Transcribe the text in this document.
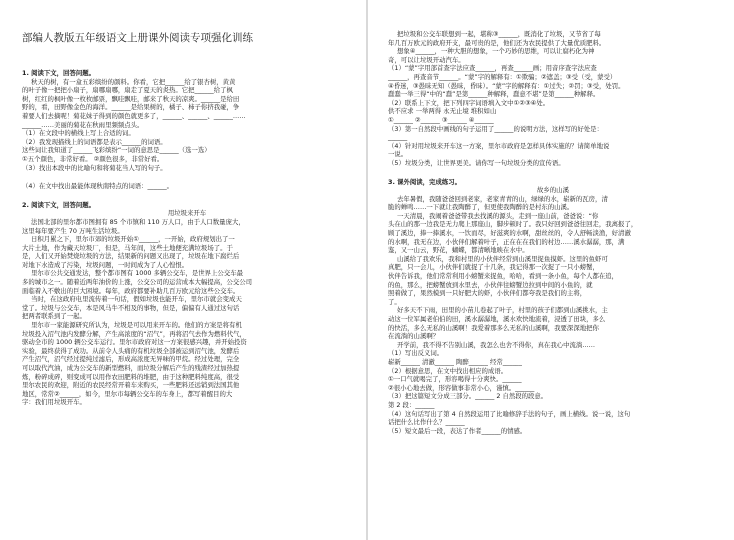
部编人教版五年级语文上册课外阅读专项强化训练

1. 阅读下文，回答问题。

秋天的树，有一盒五彩缤纷的颜料。你看，它把______给了银杏树，黄黄

的叶子像一把把小扇子，扇哪扇哪，扇走了夏天的炎热。它把______给了枫

树，红红的枫叶像一枚枚邮票，飘哇飘哇，邮来了秋天的凉爽。______是给田

野的，看，田野像金色的海洋。______是给果树的，橘子、柿子你挤我碰，争

着要人们去摘呢！菊花妹子得到的颜色就更多了，______、______、______……

______……美丽的菊花在秋雨里频频点头。

（1）在文段中的横线上写上合适的词。

（2）我发现描线上的词语都是表示______的词语。

这些词让我知道了______飞彩缤纷“一词的意思是______（选一选）

①五个颜色，非常好看。 ②颜色很多，非常好看。

（3）找出本段中的比喻句和将菊花当人写的句子。

（4）在文中找出最能体现秋南特点的词语：______。

2. 阅读下文，回答问题。

用垃圾来开车

法国北部的里尔都市图拥有 85 个市镇和 110 万人口，由于人口数量庞大，

这里每年要产生 70 万吨生活垃圾。

日积月累之下，里尔市郊的垃圾开始①______，一开始，政府规划出了一

大片土地，作为藏天垃圾厂，但是，马年间，这些土地便充满垃圾场了。于

是，人们又开始焚烧垃圾的方法，结果新的问题又出现了，垃圾在地下腐烂后

对地下水造成了污染，垃圾问题，一时间成为了人心惶恨。

里尔市公共交通发达，整个都市图有 1000 多辆公交车，是世界上公交车最

多的城市之一。随着近两年油价的上涨，公交公司的运营成本大幅提高，公交公司

面临着入不敷出的巨大困境。每年，政府都要补助几百万欧元给这些公交车。

当时，在这政府电里流传着一句话，假如垃圾也能开车，里尔市就会变成天

堂了。垃圾与公交车，本是风马牛不相及的事物，但是，偏偏有人通过这句话

把两者联系到了一起。

里尔市一家能源研究所认为，垃圾是可以用来开车的。他们的方案是将有机

垃圾投入沼气池内发酵分解，产生高浓度的“沼气”，再将沼气去作为燃料代气，

驱动全市的 1000 辆公交车运行。里尔市政府对这一方案很感兴趣，并开始投资

实验，最终获得了成功。从前令人头痛的有机垃圾全部被运到沼气池，发酵后

产生沼气，沼气经过提纯过滤后，形成高浓度无异味的甲烷。经过处理，完全

可以取代汽油，成为公交车的新型燃料，而垃圾分解后产生的残渣经过加热提

炼，粉碎成碎，则变成可以用作农田肥料的堆肥，由于这种肥料纯度高，很受

里尔农民的欢迎，附近的农民经常开着车来购买，一些肥料还远销到法国其他

地区，常常②______，如今，里尔市每辆公交车的车身上，都写着醒目的大

字：我们用垃圾开车。

把垃圾和公交车联想到一起，堪称③______，既消化了垃圾，又节省了每

年几百万欧元的政府开支，最可贵的是，他们还为农民提供了大量优质肥料。

想象④______，一种大胆的想象，一个巧妙的思维，可以让腐朽化为神

奇，可以让垃圾开动汽车。

（1）“蒙”字用部首查字法应查______，再查______画；用音序查字法应查

______，再查音节______。“蒙”字的解释有：①欺骗；②遮盖；③受（受，蒙受）

④昏迷，③愚昧无知（愚昧，昏昧）。“蒙”字的解释有：①过失；②罚；③受，处罚。

蠢蠢一举三得“中的“蠢”是第______种解释，蠢意不堪”是第______种解释。

（2）联系上下文，把下列四字词语填入文中①②③④处。

供不应求 一举两得 永无止境 堆积如山

①______ ②______ ③______ ④______

（3）第一自然段中画线的句子运用了______的说明方法，这样写的好处是：

______

（4）针对用垃圾来开车这一方案，里尔市政府是怎样具体实施的？请简单地说

一说。

（5）垃圾分类，让世界更美。请你写一句垃圾分类的宣传语。

3. 课外阅读，完成练习。

故乡的山溪

去年暑假，我随爸爸回到老家，老家青青的山，绿绿的水，崭新的瓦房，清

脆的蝉鸣……一下就让我陶醉了，但更使我陶醉的是村东的山溪。

一天清晨，我闹着爸爸带我去找溪的源头，走到一座山前，爸爸说：“你

头在山的那一边我是无力爬上那座山，脚步顿时了。我只好回到爸爸往回走，我离报了，

顾了溪边，捧一捧溪水，一饮而尽，好滋爽的水啊，甜丝丝的，令人舒畅淡渔，好清澈

的水啊，我无在边，小伙伴们解着叶子，正在在在我们的村边……溪水潺潺，那，满

鉴，又一山云，野花，蝴蝶，都清晰地映在水中。

山溪给了我欢乐，我和村里的小伙伴经常到山溪里捉鱼摸虾。这里的鱼虾可

真肥，只一会儿，小伙伴们就捉了十几条，我记得那一次捉了一只小螃蟹，

伙伴告诉我，他们常常利用小螃蟹来捉鱼，哈哈，看到一条小鱼，每个人都在追，

的鱼，那么，把螃蟹放到水里去，小伙伴往螃蟹边拉到中间的小鱼的，就

照着做了，果然模到一只好肥大的虾，小伙伴们都夸我是我们的主将，

了。

好多天不下雨，田里的小苗儿卷起了叶子，村里的孩子们都到山溪挑水，主

动这一位军属老伯伯的田，溪水潺潺地，溪水欢快地流着，浸透了田块，多么

的快活，多么无私的山溪啊！我爱着那多么无私的山溪啊，我要深深地把你

在流淌的山溪啊？

开学前，我不得不告别山溪，我怎么也舍不得你，真在我心中流淌……

（1）写出反义词。

崭新______ 清澈______ 陶醉______ 经常______

（2）根据意思，在文中找出相应的成语。

①一口气就喝完了，形容喝得十分爽快。______

②很小心地去做，形容做事非常小心，谨慎。______

（3）把这篇短文分成三部分。______ 2 自然段的段意。

第 2 段：______

（4）这句话写出了第 4 自然段运用了比喻修辞手法的句子，画上横线。说一说，这句

话把什么比作什么？______

（5）短文最后一段，表达了作者______的情感。
